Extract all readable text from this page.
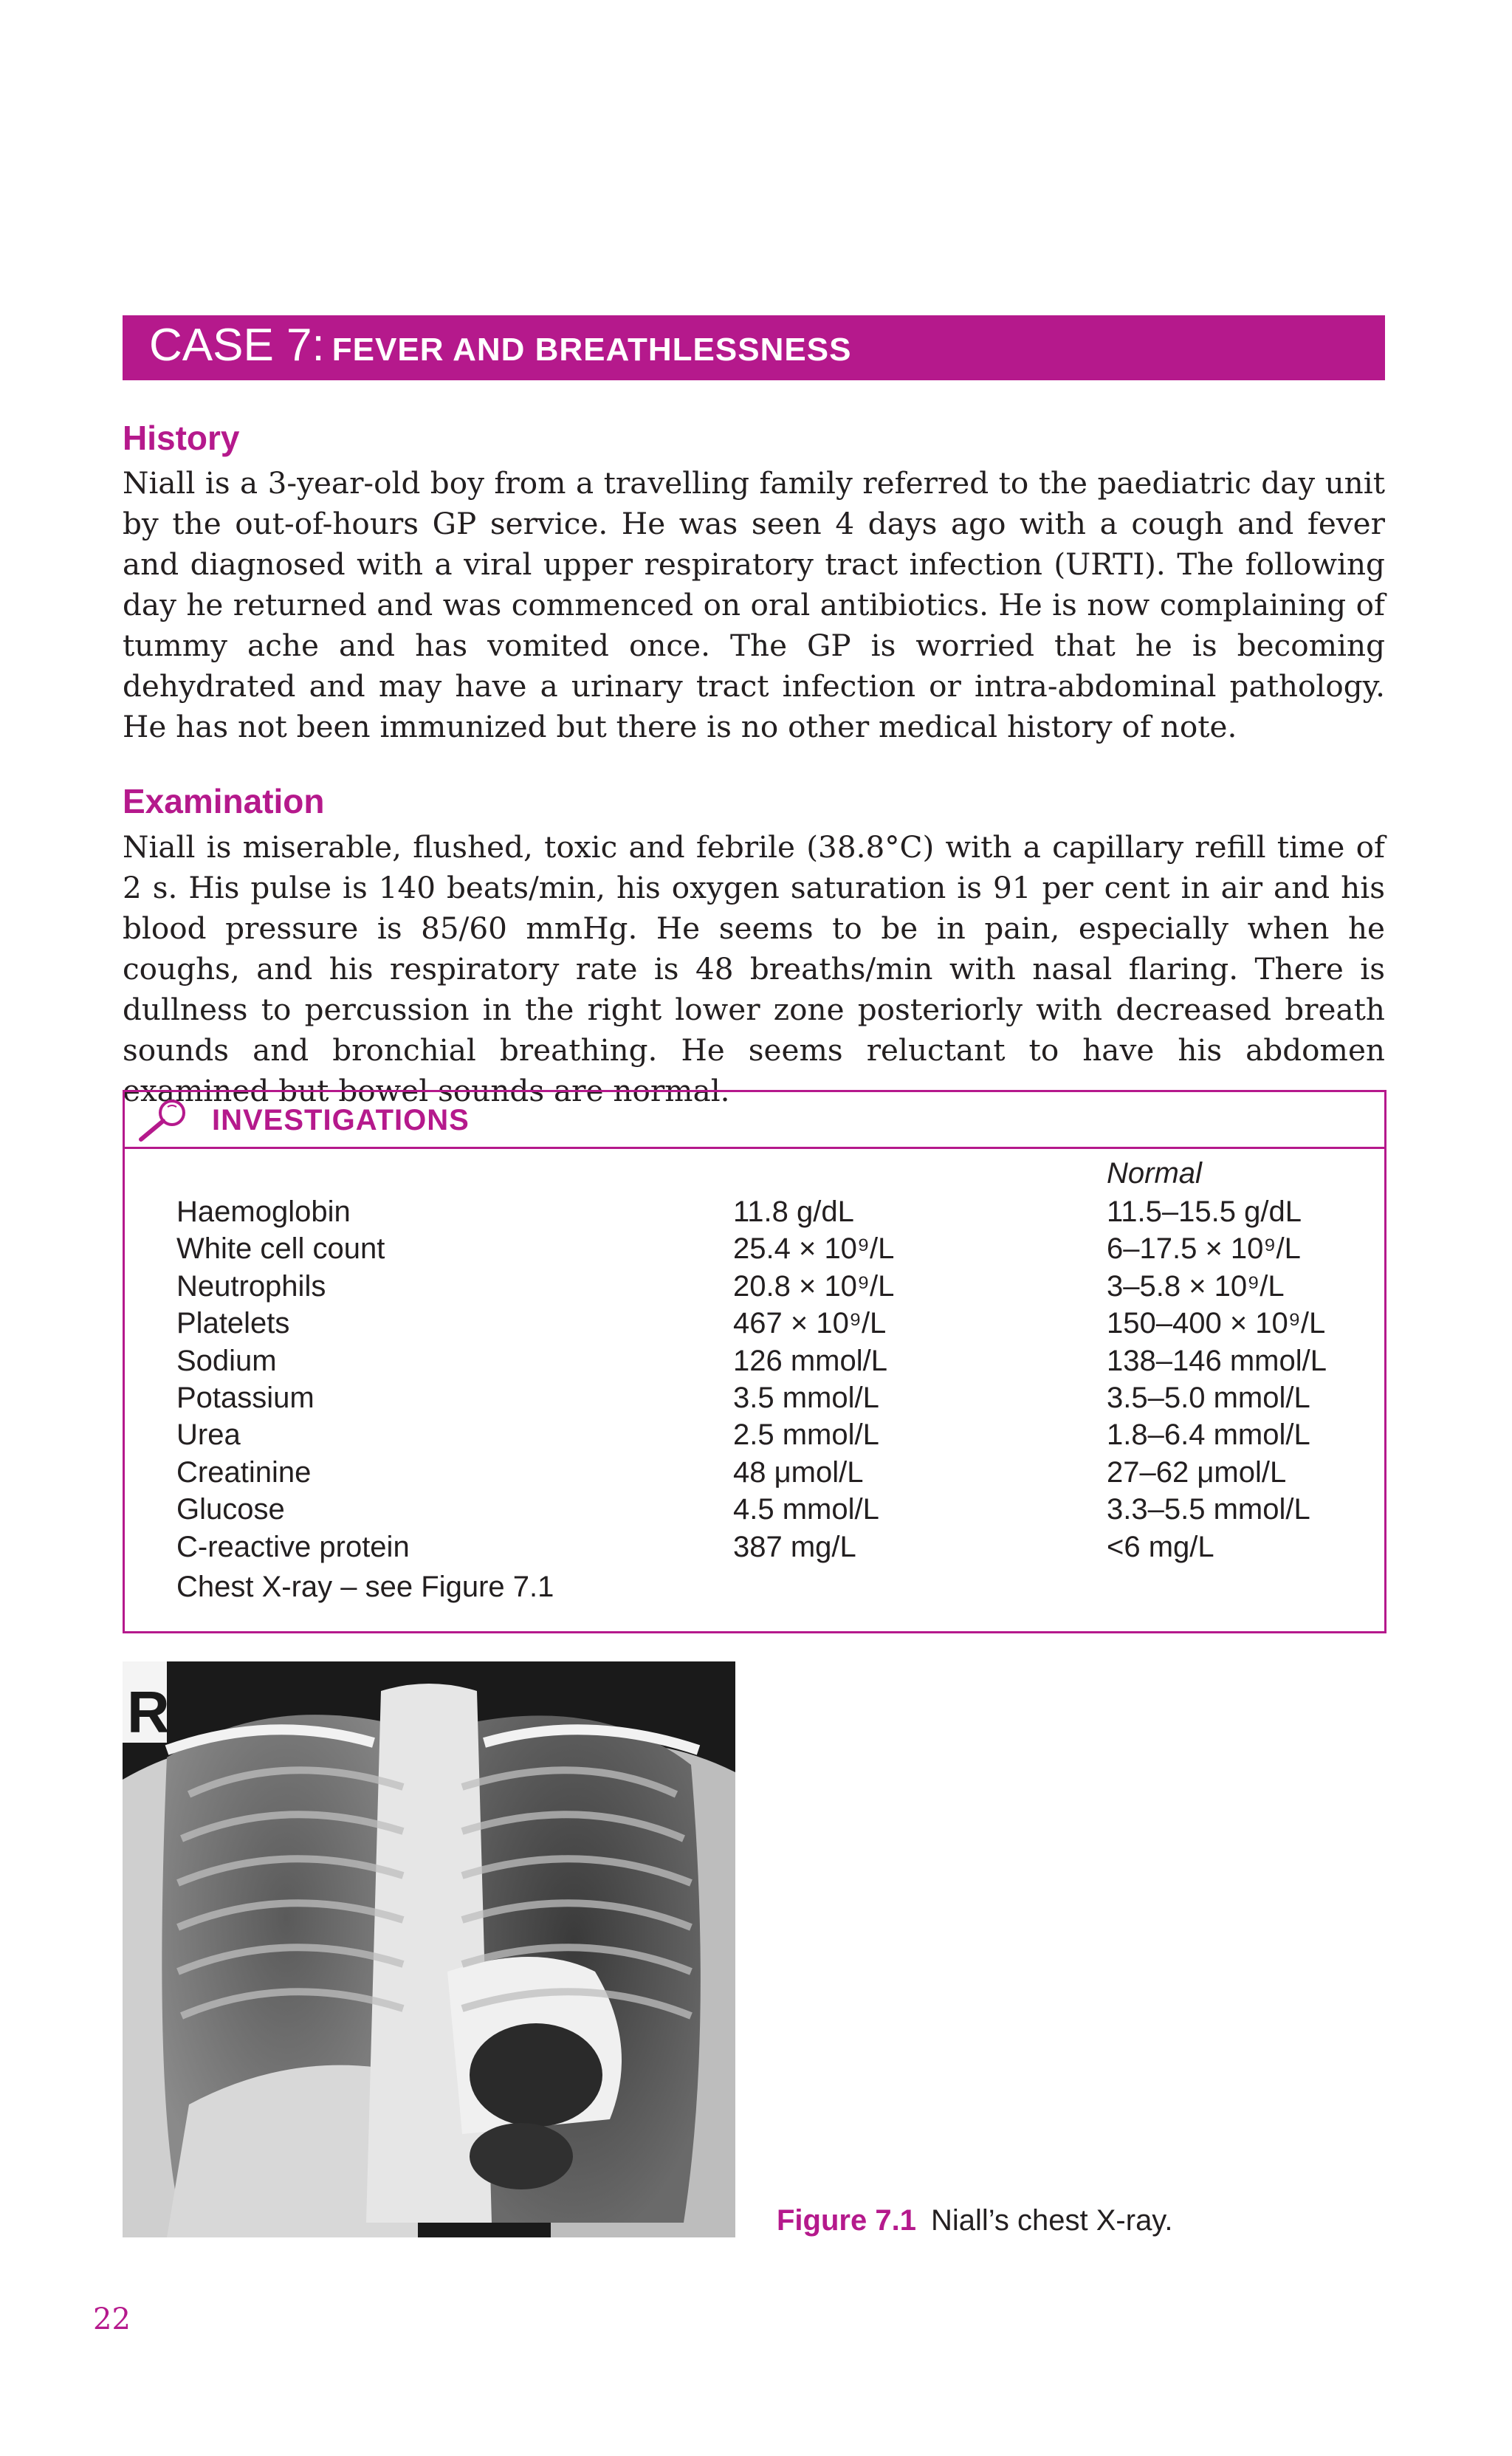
CASE 7: FEVER AND BREATHLESSNESS
History

Niall is a 3-year-old boy from a travelling family referred to the paediatric day unit by the out-of-hours GP service. He was seen 4 days ago with a cough and fever and diagnosed with a viral upper respiratory tract infection (URTI). The following day he returned and was commenced on oral antibiotics. He is now complaining of tummy ache and has vomited once. The GP is worried that he is becoming dehydrated and may have a urinary tract infection or intra-abdominal pathology. He has not been immunized but there is no other medical history of note.

Examination

Niall is miserable, flushed, toxic and febrile (38.8°C) with a capillary refill time of 2 s. His pulse is 140 beats/min, his oxygen saturation is 91 per cent in air and his blood pressure is 85/60 mmHg. He seems to be in pain, especially when he coughs, and his respiratory rate is 48 breaths/min with nasal flaring. There is dullness to percussion in the right lower zone posteriorly with decreased breath sounds and bronchial breathing. He seems reluctant to have his abdomen examined but bowel sounds are normal.

INVESTIGATIONS
Normal
Haemoglobin	11.8 g/dL	11.5–15.5 g/dL
White cell count	25.4 × 10⁹/L	6–17.5 × 10⁹/L
Neutrophils	20.8 × 10⁹/L	3–5.8 × 10⁹/L
Platelets	467 × 10⁹/L	150–400 × 10⁹/L
Sodium	126 mmol/L	138–146 mmol/L
Potassium	3.5 mmol/L	3.5–5.0 mmol/L
Urea	2.5 mmol/L	1.8–6.4 mmol/L
Creatinine	48 μmol/L	27–62 μmol/L
Glucose	4.5 mmol/L	3.3–5.5 mmol/L
C-reactive protein	387 mg/L	<6 mg/L
Chest X-ray – see Figure 7.1
R
Figure 7.1 Niall’s chest X-ray.
22
